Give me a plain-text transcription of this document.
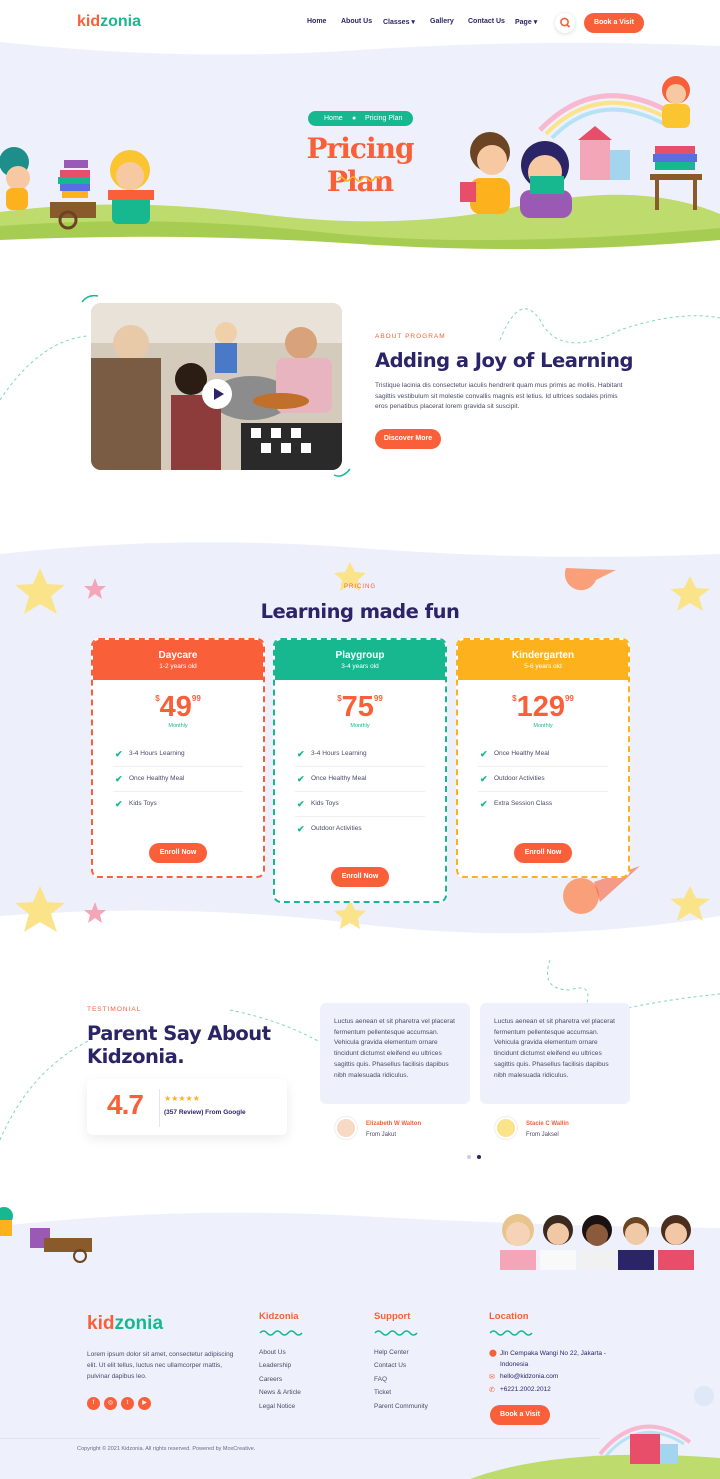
kidzonia	Home About Us Classes ▾ Gallery Contact Us Page ▾	Book a Visit
Home ● Pricing Plan
Pricing Plan
ABOUT PROGRAM
Adding a Joy of Learning
Tristique lacinia dis consectetur iaculis hendrerit quam mus primis ac mollis. Habitant sagittis vestibulum sit molestie convallis magnis est letius. Id ultrices sodales primis eros penatibus placerat lorem gravida sit suscipit.
Discover More
PRICING
Learning made fun
Daycare
1-2 years old
$^{\$}49^{99}$
Monthly
✔ 3-4 Hours Learning
✔ Once Healthy Meal
✔ Kids Toys
Enroll Now
Playgroup
3-4 years old
$^{\$}75^{99}$
Monthly
✔ 3-4 Hours Learning
✔ Once Healthy Meal
✔ Kids Toys
✔ Outdoor Activities
Enroll Now
Kindergarten
5-6 years old
$^{\$}129^{99}$
Monthly
✔ Once Healthy Meal
✔ Outdoor Activities
✔ Extra Session Class
Enroll Now
TESTIMONIAL
Parent Say About
Kidzonia.
4.7	★★★★★
(357 Review) From Google
Luctus aenean et sit pharetra vel placerat fermentum pellentesque accumsan. Vehicula gravida elementum ornare tincidunt dictumst eleifend eu ultrices sagittis quis. Phasellus facilisis dapibus nibh malesuada ridiculus.
Luctus aenean et sit pharetra vel placerat fermentum pellentesque accumsan. Vehicula gravida elementum ornare tincidunt dictumst eleifend eu ultrices sagittis quis. Phasellus facilisis dapibus nibh malesuada ridiculus.
Elizabeth W Walton
From Jakut
Stacie C Wallin
From Jaksel
kidzonia
Lorem ipsum dolor sit amet, consectetur adipiscing elit. Ut elit tellus, luctus nec ullamcorper mattis, pulvinar dapibus leo.
f	◎	t	▶
Kidzonia
About Us
Leadership
Careers
News & Article
Legal Notice
Support
Help Center
Contact Us
FAQ
Ticket
Parent Community
Location
⬤ Jln Cempaka Wangi No 22, Jakarta - Indonesia
✉ hello@kidzonia.com
✆ +6221.2002.2012
Book a Visit
Copyright © 2021 Kidzonia. All rights reserved. Powered by MoxCreative.
